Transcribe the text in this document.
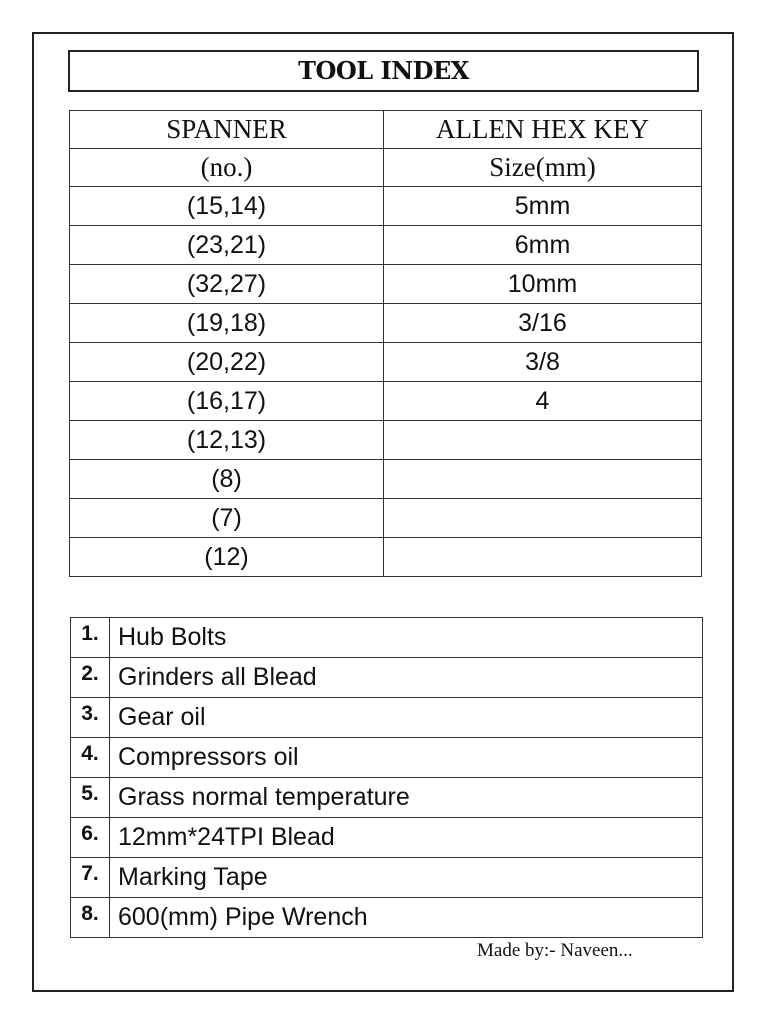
TOOL INDEX
SPANNER	ALLEN HEX KEY
(no.)	Size(mm)
(15,14)	5mm
(23,21)	6mm
(32,27)	10mm
(19,18)	3/16
(20,22)	3/8
(16,17)	4
(12,13)	
(8)	
(7)	
(12)	
1.	Hub Bolts
2.	Grinders all Blead
3.	Gear oil
4.	Compressors oil
5.	Grass normal temperature
6.	12mm*24TPI Blead
7.	Marking Tape
8.	600(mm) Pipe Wrench
Made by:- Naveen...
